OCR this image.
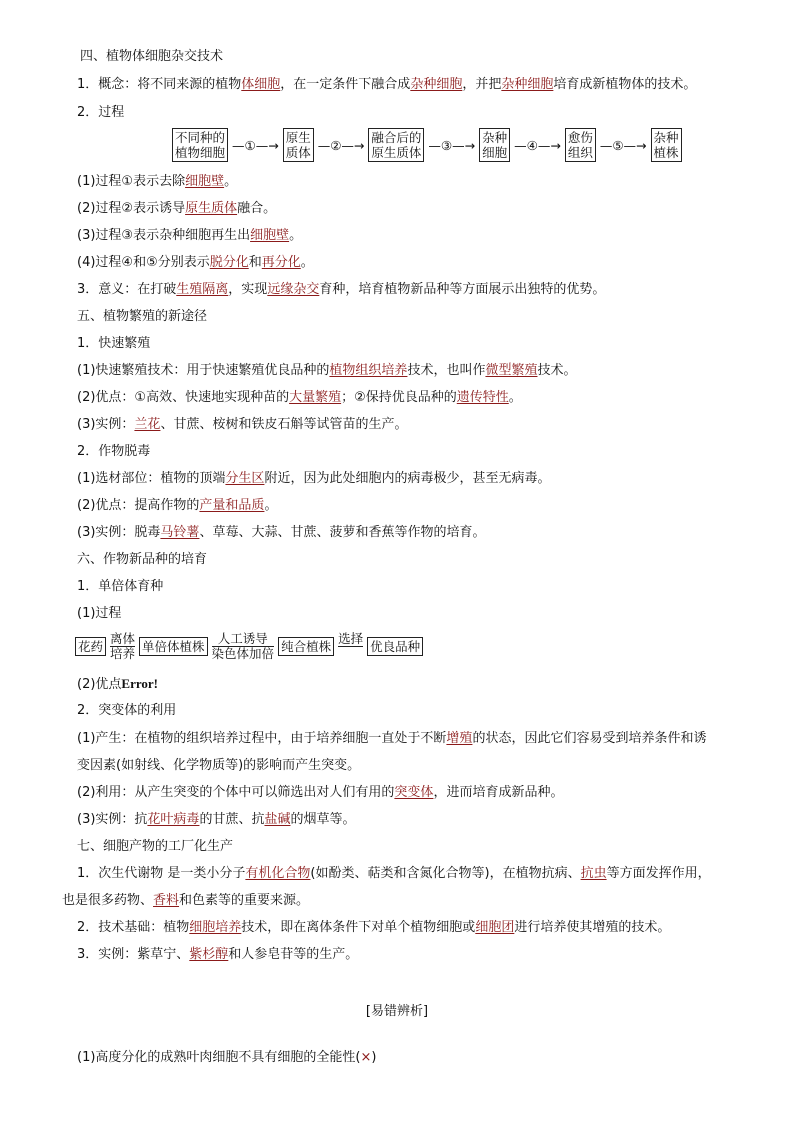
四、植物体细胞杂交技术
1．概念：将不同来源的植物体细胞，在一定条件下融合成杂种细胞，并把杂种细胞培育成新植物体的技术。
2．过程
不同种的
植物细胞 —①—→ 原生
质体 —②—→ 融合后的
原生质体 —③—→ 杂种
细胞 —④—→ 愈伤
组织 —⑤—→ 杂种
植株
(1)过程①表示去除细胞壁。
(2)过程②表示诱导原生质体融合。
(3)过程③表示杂种细胞再生出细胞壁。
(4)过程④和⑤分别表示脱分化和再分化。
3．意义：在打破生殖隔离，实现远缘杂交育种，培育植物新品种等方面展示出独特的优势。
五、植物繁殖的新途径
1．快速繁殖
(1)快速繁殖技术：用于快速繁殖优良品种的植物组织培养技术，也叫作微型繁殖技术。
(2)优点：①高效、快速地实现种苗的大量繁殖；②保持优良品种的遗传特性。
(3)实例：兰花、甘蔗、桉树和铁皮石斛等试管苗的生产。
2．作物脱毒
(1)选材部位：植物的顶端分生区附近，因为此处细胞内的病毒极少，甚至无病毒。
(2)优点：提高作物的产量和品质。
(3)实例：脱毒马铃薯、草莓、大蒜、甘蔗、菠萝和香蕉等作物的培育。
六、作物新品种的培育
1．单倍体育种
(1)过程
花药
离体
培养 单倍体植株
人工诱导
染色体加倍 纯合植株
选择

优良品种
(2)优点Error!
2．突变体的利用
(1)产生：在植物的组织培养过程中，由于培养细胞一直处于不断增殖的状态，因此它们容易受到培养条件和诱
变因素(如射线、化学物质等)的影响而产生突变。
(2)利用：从产生突变的个体中可以筛选出对人们有用的突变体，进而培育成新品种。
(3)实例：抗花叶病毒的甘蔗、抗盐碱的烟草等。
七、细胞产物的工厂化生产
1．次生代谢物 是一类小分子有机化合物(如酚类、萜类和含氮化合物等)，在植物抗病、抗虫等方面发挥作用，
也是很多药物、香料和色素等的重要来源。
2．技术基础：植物细胞培养技术，即在离体条件下对单个植物细胞或细胞团进行培养使其增殖的技术。
3．实例：紫草宁、紫杉醇和人参皂苷等的生产。
[易错辨析]
(1)高度分化的成熟叶肉细胞不具有细胞的全能性(×)
